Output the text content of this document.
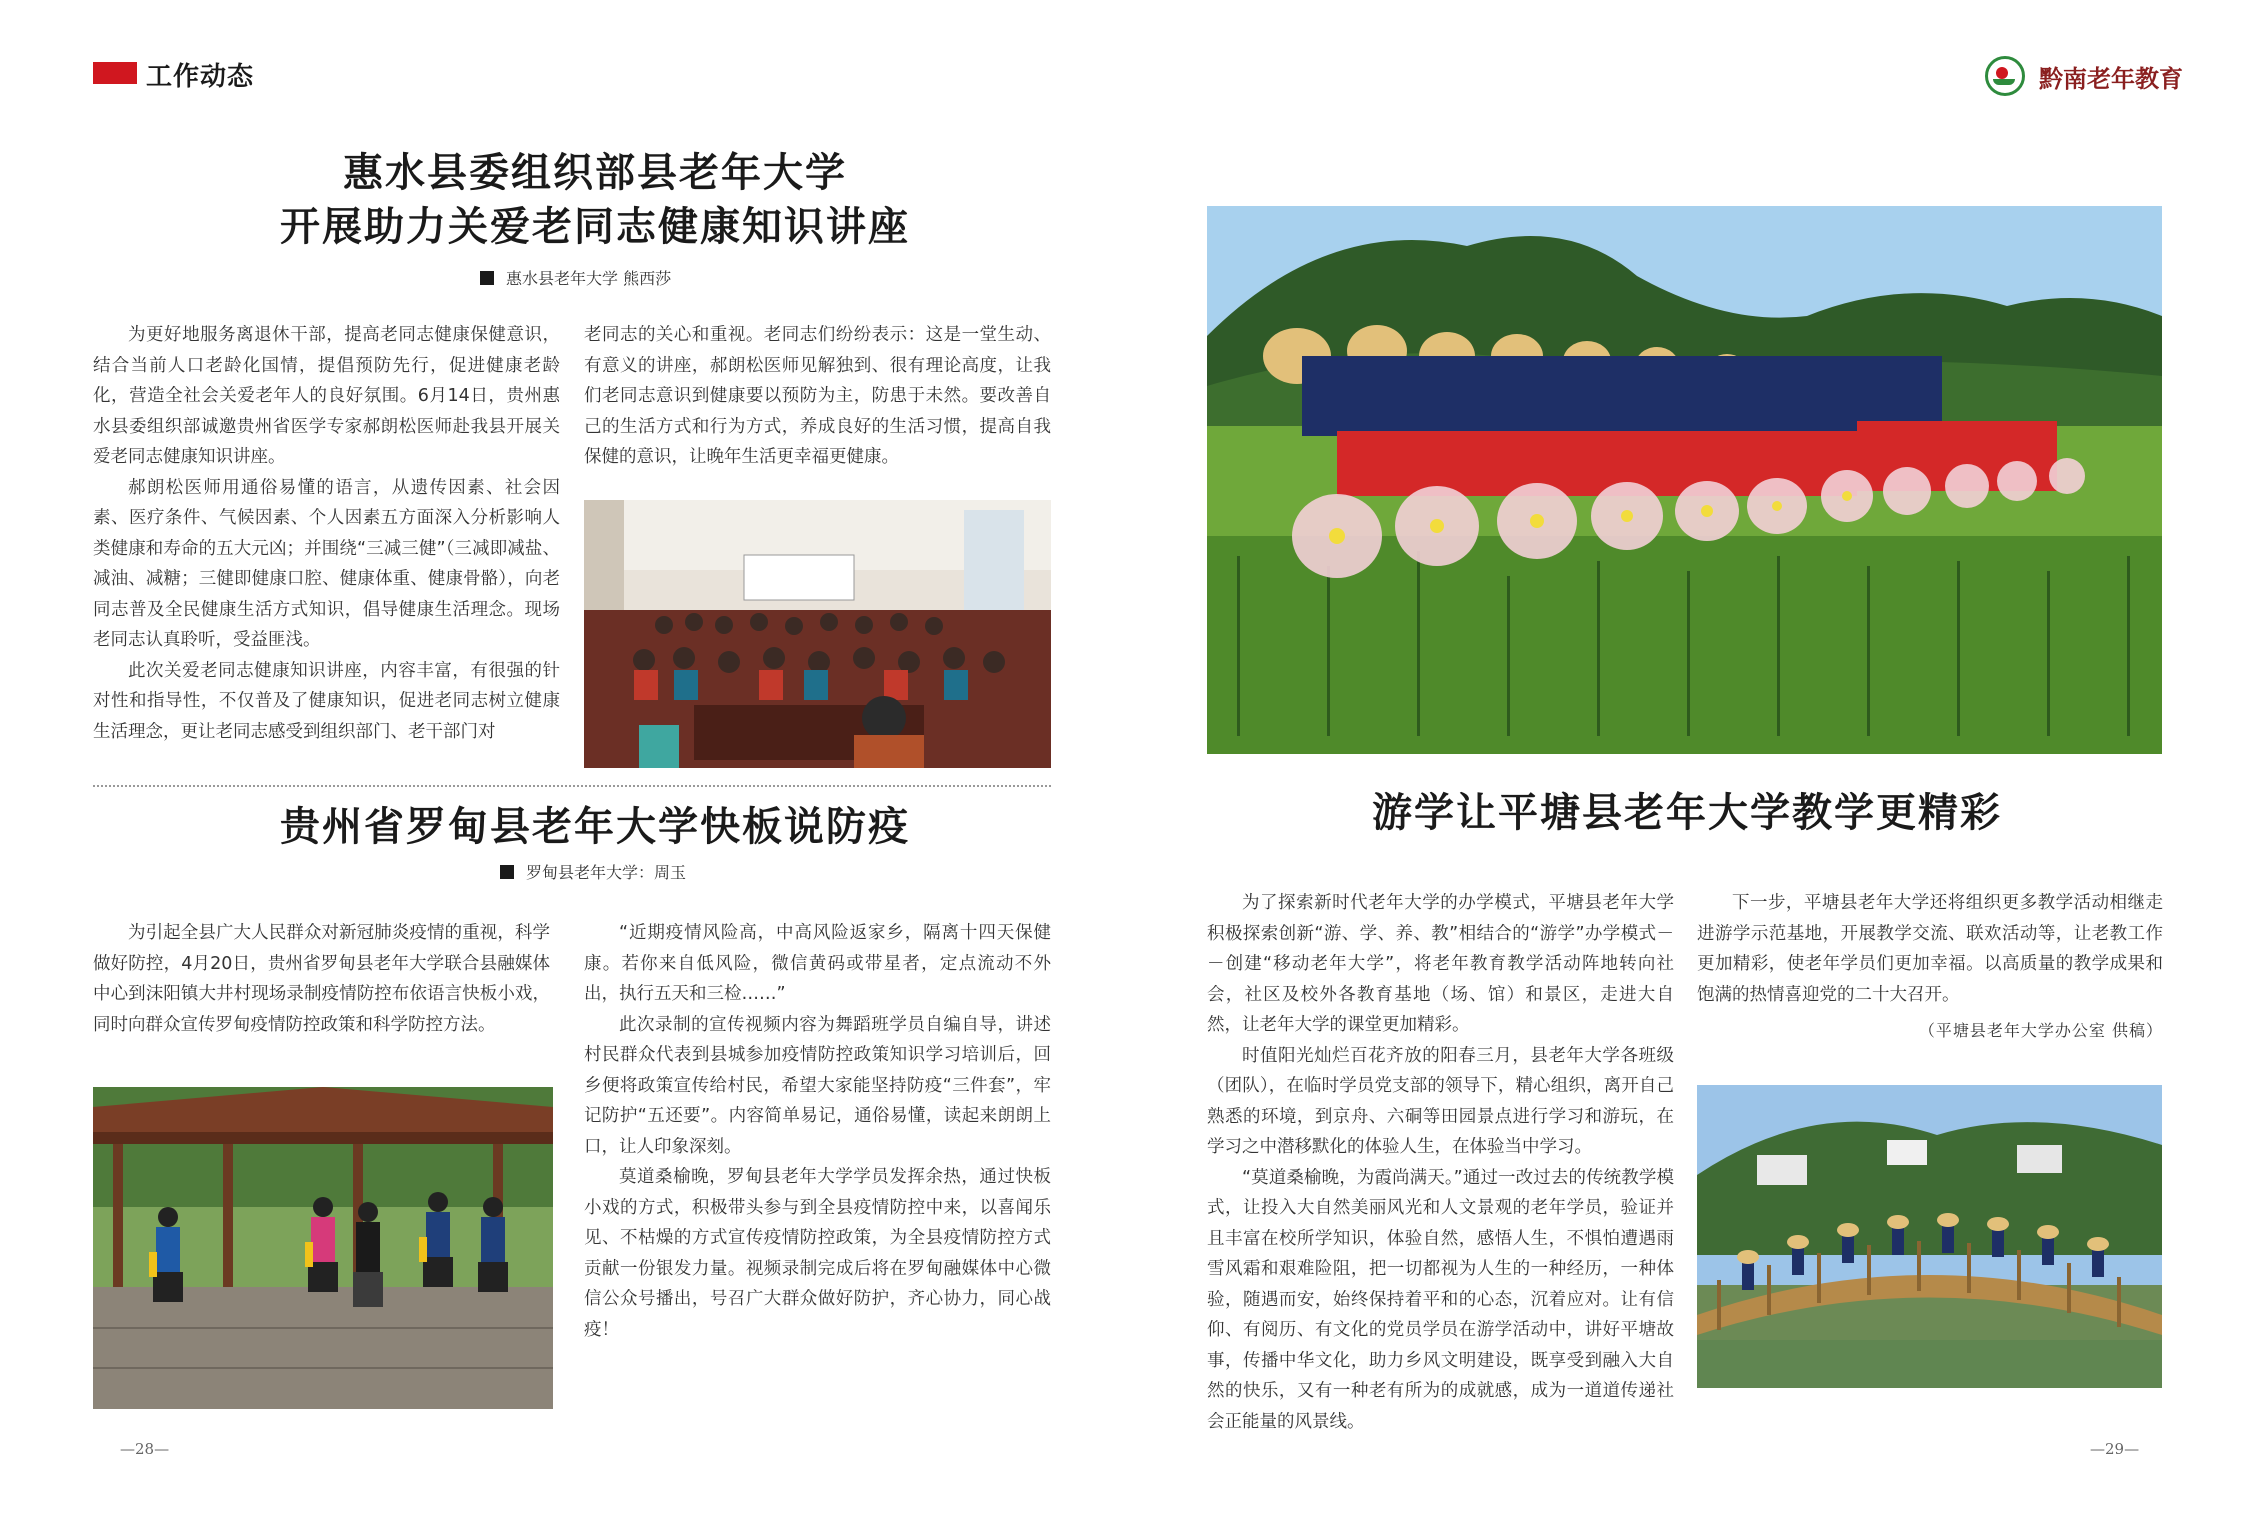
工作动态	黔南老年教育
惠水县委组织部县老年大学
开展助力关爱老同志健康知识讲座
惠水县老年大学 熊西莎

为更好地服务离退休干部，提高老同志健康保健意识，结合当前人口老龄化国情，提倡预防先行，促进健康老龄化，营造全社会关爱老年人的良好氛围。6月14日，贵州惠水县委组织部诚邀贵州省医学专家郝朗松医师赴我县开展关爱老同志健康知识讲座。

郝朗松医师用通俗易懂的语言，从遗传因素、社会因素、医疗条件、气候因素、个人因素五方面深入分析影响人类健康和寿命的五大元凶；并围绕“三减三健”（三减即减盐、减油、减糖；三健即健康口腔、健康体重、健康骨骼），向老同志普及全民健康生活方式知识，倡导健康生活理念。现场老同志认真聆听，受益匪浅。

此次关爱老同志健康知识讲座，内容丰富，有很强的针对性和指导性，不仅普及了健康知识，促进老同志树立健康生活理念，更让老同志感受到组织部门、老干部门对

老同志的关心和重视。老同志们纷纷表示：这是一堂生动、有意义的讲座，郝朗松医师见解独到、很有理论高度，让我们老同志意识到健康要以预防为主，防患于未然。要改善自己的生活方式和行为方式，养成良好的生活习惯，提高自我保健的意识，让晚年生活更幸福更健康。

贵州省罗甸县老年大学快板说防疫
罗甸县老年大学：周玉

为引起全县广大人民群众对新冠肺炎疫情的重视，科学做好防控，4月20日，贵州省罗甸县老年大学联合县融媒体中心到沫阳镇大井村现场录制疫情防控布依语言快板小戏，同时向群众宣传罗甸疫情防控政策和科学防控方法。

“近期疫情风险高，中高风险返家乡，隔离十四天保健康。若你来自低风险，微信黄码或带星者，定点流动不外出，执行五天和三检……”

此次录制的宣传视频内容为舞蹈班学员自编自导，讲述村民群众代表到县城参加疫情防控政策知识学习培训后，回乡便将政策宣传给村民，希望大家能坚持防疫“三件套”，牢记防护“五还要”。内容简单易记，通俗易懂，读起来朗朗上口，让人印象深刻。

莫道桑榆晚，罗甸县老年大学学员发挥余热，通过快板小戏的方式，积极带头参与到全县疫情防控中来，以喜闻乐见、不枯燥的方式宣传疫情防控政策，为全县疫情防控方式贡献一份银发力量。视频录制完成后将在罗甸融媒体中心微信公众号播出，号召广大群众做好防护，齐心协力，同心战疫！

游学让平塘县老年大学教学更精彩

为了探索新时代老年大学的办学模式，平塘县老年大学积极探索创新“游、学、养、教”相结合的“游学”办学模式－－创建“移动老年大学”，将老年教育教学活动阵地转向社会，社区及校外各教育基地（场、馆）和景区，走进大自然，让老年大学的课堂更加精彩。

时值阳光灿烂百花齐放的阳春三月，县老年大学各班级（团队），在临时学员党支部的领导下，精心组织，离开自己熟悉的环境，到京舟、六硐等田园景点进行学习和游玩，在学习之中潜移默化的体验人生，在体验当中学习。

“莫道桑榆晚，为霞尚满天。”通过一改过去的传统教学模式，让投入大自然美丽风光和人文景观的老年学员，验证并且丰富在校所学知识，体验自然，感悟人生，不惧怕遭遇雨雪风霜和艰难险阻，把一切都视为人生的一种经历，一种体验，随遇而安，始终保持着平和的心态，沉着应对。让有信仰、有阅历、有文化的党员学员在游学活动中，讲好平塘故事，传播中华文化，助力乡风文明建设，既享受到融入大自然的快乐，又有一种老有所为的成就感，成为一道道传递社会正能量的风景线。

下一步，平塘县老年大学还将组织更多教学活动相继走进游学示范基地，开展教学交流、联欢活动等，让老教工作更加精彩，使老年学员们更加幸福。以高质量的教学成果和饱满的热情喜迎党的二十大召开。

（平塘县老年大学办公室 供稿）
—28—	—29—
